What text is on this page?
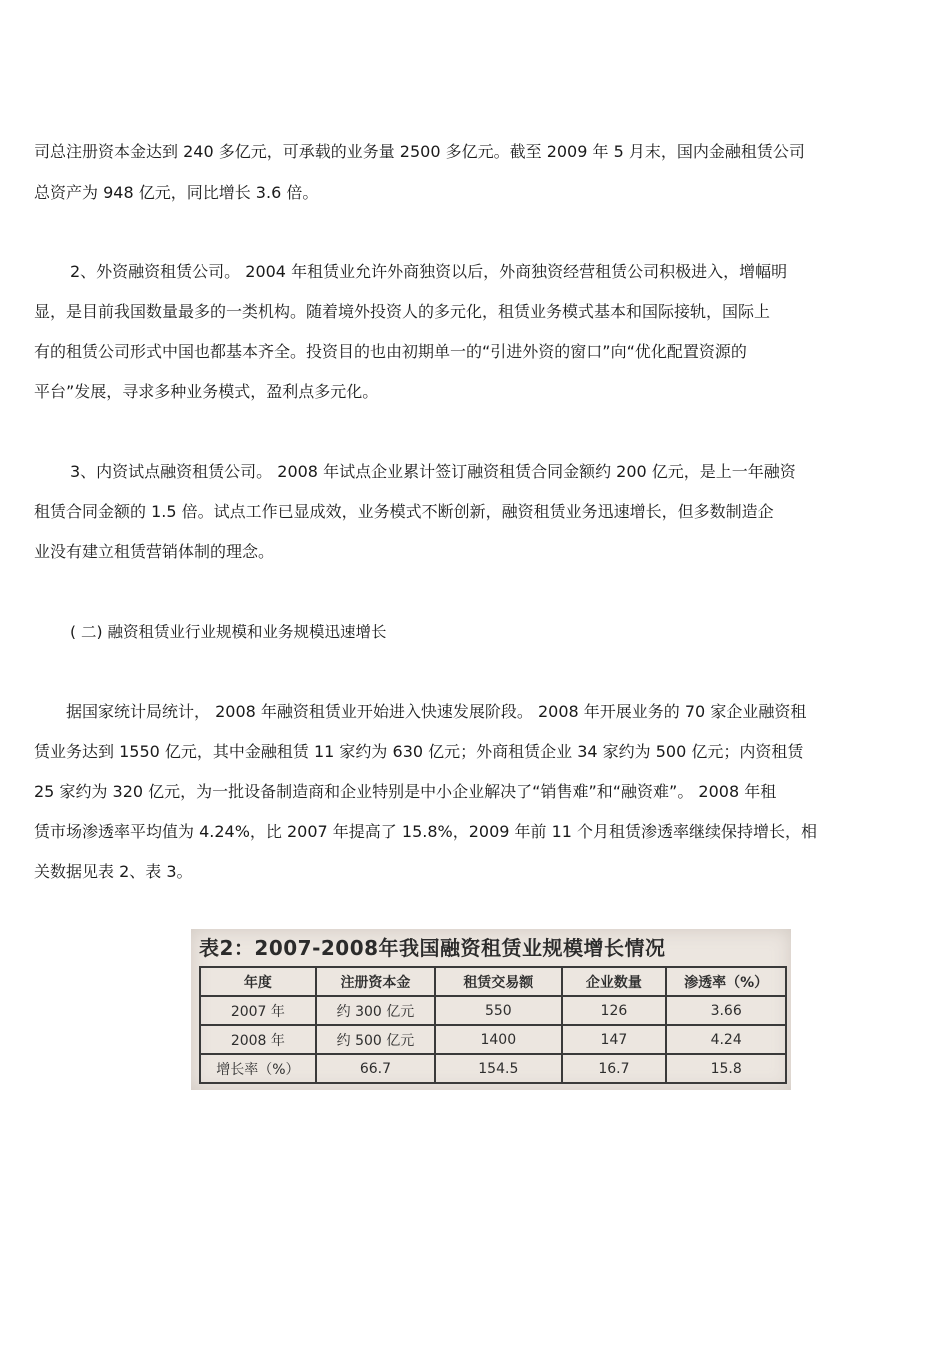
司总注册资本金达到 240 多亿元，可承载的业务量 2500 多亿元。截至 2009 年 5 月末，国内金融租赁公司
总资产为 948 亿元，同比增长 3.6 倍。
2、外资融资租赁公司。 2004 年租赁业允许外商独资以后，外商独资经营租赁公司积极进入，增幅明
显，是目前我国数量最多的一类机构。随着境外投资人的多元化，租赁业务模式基本和国际接轨，国际上
有的租赁公司形式中国也都基本齐全。投资目的也由初期单一的“引进外资的窗口”向“优化配置资源的
平台”发展，寻求多种业务模式，盈利点多元化。
3、内资试点融资租赁公司。 2008 年试点企业累计签订融资租赁合同金额约 200 亿元，是上一年融资
租赁合同金额的 1.5 倍。试点工作已显成效，业务模式不断创新，融资租赁业务迅速增长，但多数制造企
业没有建立租赁营销体制的理念。
( 二) 融资租赁业行业规模和业务规模迅速增长
据国家统计局统计， 2008 年融资租赁业开始进入快速发展阶段。 2008 年开展业务的 70 家企业融资租
赁业务达到 1550 亿元，其中金融租赁 11 家约为 630 亿元；外商租赁企业 34 家约为 500 亿元；内资租赁
25 家约为 320 亿元，为一批设备制造商和企业特别是中小企业解决了“销售难”和“融资难”。 2008 年租
赁市场渗透率平均值为 4.24%，比 2007 年提高了 15.8%，2009 年前 11 个月租赁渗透率继续保持增长，相
关数据见表 2、表 3。
表2：2007-2008年我国融资租赁业规模增长情况
年度	注册资本金	租赁交易额	企业数量	渗透率（%）
2007 年	约 300 亿元	550	126	3.66
2008 年	约 500 亿元	1400	147	4.24
增长率（%）	66.7	154.5	16.7	15.8
